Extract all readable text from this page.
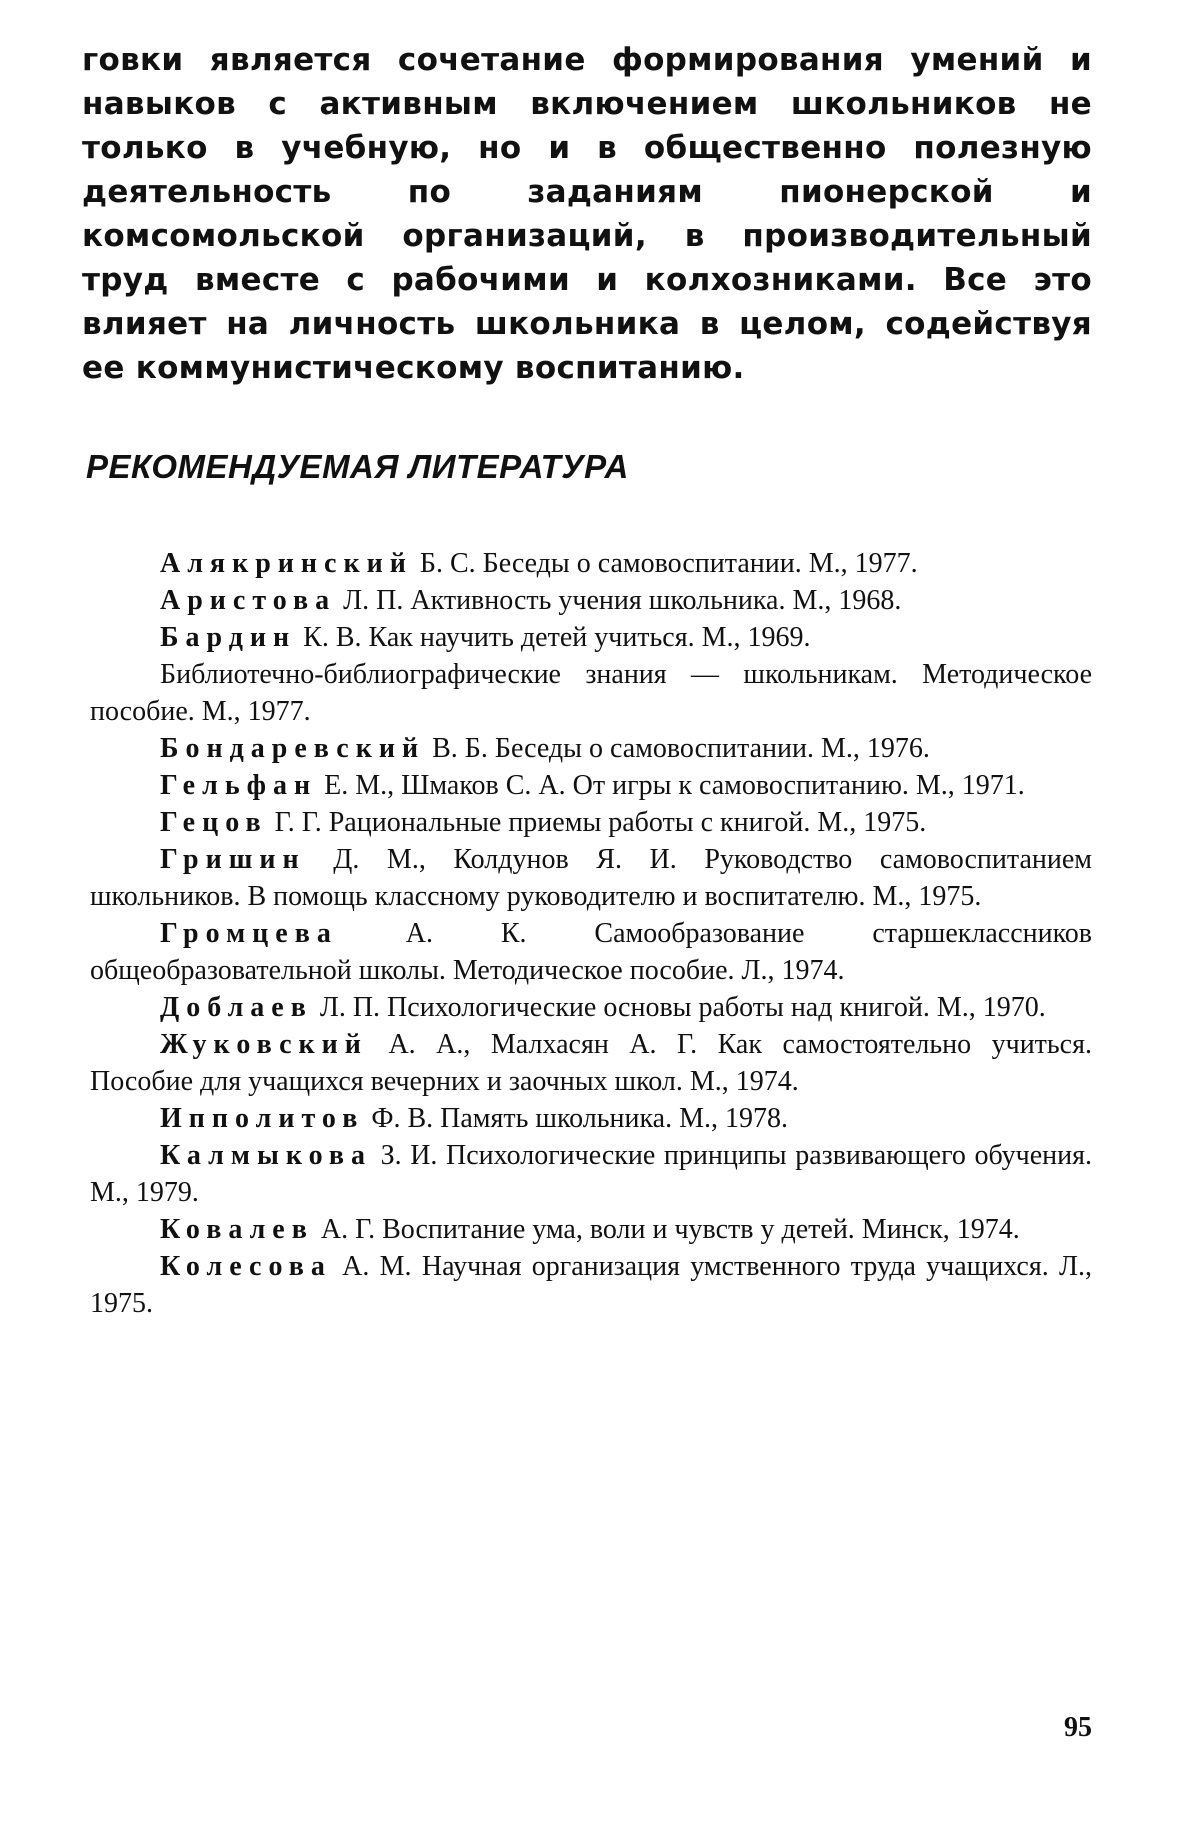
говки является сочетание формирования умений и навыков с активным включением школьников не только в учебную, но и в общественно полезную деятельность по заданиям пионерской и комсомольской организаций, в производительный труд вместе с рабочими и колхозниками. Все это влияет на личность школьника в целом, содействуя ее коммунистическому воспитанию.

РЕКОМЕНДУЕМАЯ ЛИТЕРАТУРА
Алякринский Б. С. Беседы о самовоспитании. М., 1977.
Аристова Л. П. Активность учения школьника. М., 1968.
Бардин К. В. Как научить детей учиться. М., 1969.
Библиотечно-библиографические знания — школьникам. Методическое пособие. М., 1977.
Бондаревский В. Б. Беседы о самовоспитании. М., 1976.
Гельфан Е. М., Шмаков С. А. От игры к самовоспитанию. М., 1971.
Гецов Г. Г. Рациональные приемы работы с книгой. М., 1975.
Гришин Д. М., Колдунов Я. И. Руководство самовоспитанием школьников. В помощь классному руководителю и воспитателю. М., 1975.
Громцева А. К. Самообразование старшеклассников общеобразовательной школы. Методическое пособие. Л., 1974.
Доблаев Л. П. Психологические основы работы над книгой. М., 1970.
Жуковский А. А., Малхасян А. Г. Как самостоятельно учиться. Пособие для учащихся вечерних и заочных школ. М., 1974.
Ипполитов Ф. В. Память школьника. М., 1978.
Калмыкова З. И. Психологические принципы развивающего обучения. М., 1979.
Ковалев А. Г. Воспитание ума, воли и чувств у детей. Минск, 1974.
Колесова А. М. Научная организация умственного труда учащихся. Л., 1975.
95
